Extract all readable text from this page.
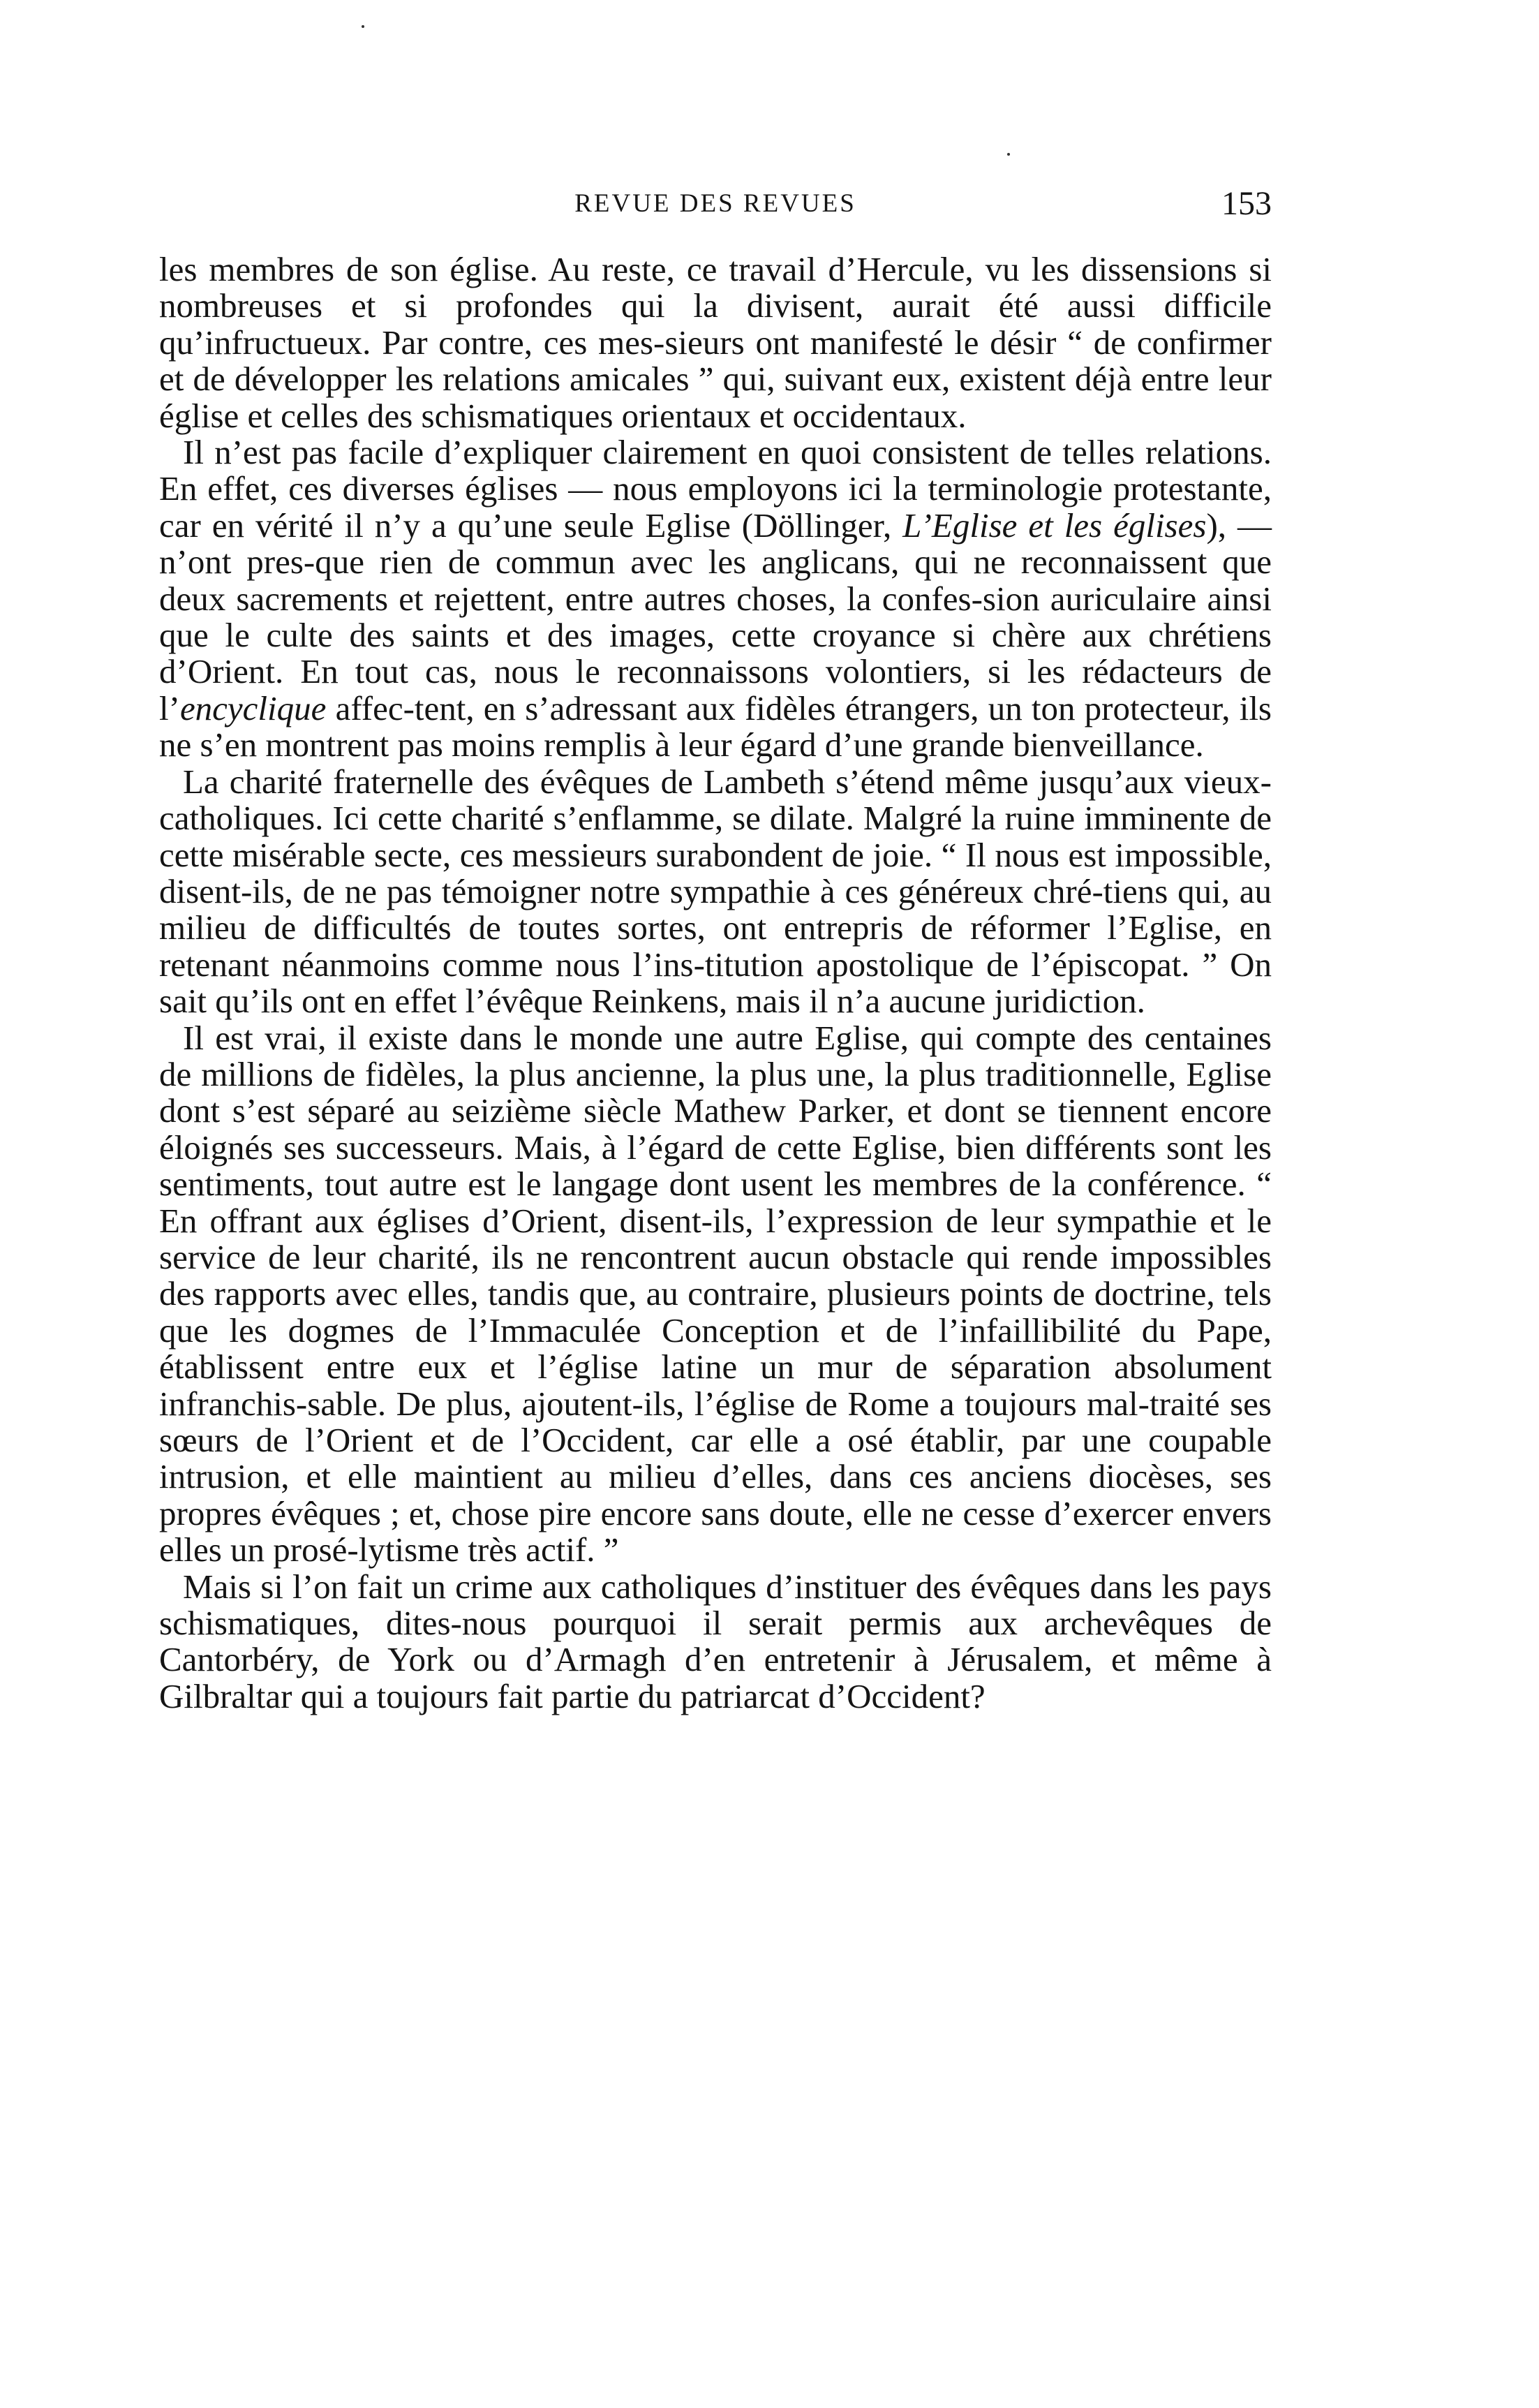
REVUE DES REVUES	153

les membres de son église. Au reste, ce travail d’Hercule, vu les dissensions si nombreuses et si profondes qui la divisent, aurait été aussi difficile qu’infructueux. Par contre, ces mes-sieurs ont manifesté le désir “ de confirmer et de développer les relations amicales ” qui, suivant eux, existent déjà entre leur église et celles des schismatiques orientaux et occidentaux.

Il n’est pas facile d’expliquer clairement en quoi consistent de telles relations. En effet, ces diverses églises — nous employons ici la terminologie protestante, car en vérité il n’y a qu’une seule Eglise (Döllinger, L’Eglise et les églises), — n’ont pres-que rien de commun avec les anglicans, qui ne reconnaissent que deux sacrements et rejettent, entre autres choses, la confes-sion auriculaire ainsi que le culte des saints et des images, cette croyance si chère aux chrétiens d’Orient. En tout cas, nous le reconnaissons volontiers, si les rédacteurs de l’encyclique affec-tent, en s’adressant aux fidèles étrangers, un ton protecteur, ils ne s’en montrent pas moins remplis à leur égard d’une grande bienveillance.

La charité fraternelle des évêques de Lambeth s’étend même jusqu’aux vieux-catholiques. Ici cette charité s’enflamme, se dilate. Malgré la ruine imminente de cette misérable secte, ces messieurs surabondent de joie. “ Il nous est impossible, disent-ils, de ne pas témoigner notre sympathie à ces généreux chré-tiens qui, au milieu de difficultés de toutes sortes, ont entrepris de réformer l’Eglise, en retenant néanmoins comme nous l’ins-titution apostolique de l’épiscopat. ” On sait qu’ils ont en effet l’évêque Reinkens, mais il n’a aucune juridiction.

Il est vrai, il existe dans le monde une autre Eglise, qui compte des centaines de millions de fidèles, la plus ancienne, la plus une, la plus traditionnelle, Eglise dont s’est séparé au seizième siècle Mathew Parker, et dont se tiennent encore éloignés ses successeurs. Mais, à l’égard de cette Eglise, bien différents sont les sentiments, tout autre est le langage dont usent les membres de la conférence. “ En offrant aux églises d’Orient, disent-ils, l’expression de leur sympathie et le service de leur charité, ils ne rencontrent aucun obstacle qui rende impossibles des rapports avec elles, tandis que, au contraire, plusieurs points de doctrine, tels que les dogmes de l’Immaculée Conception et de l’infaillibilité du Pape, établissent entre eux et l’église latine un mur de séparation absolument infranchis-sable. De plus, ajoutent-ils, l’église de Rome a toujours mal-traité ses sœurs de l’Orient et de l’Occident, car elle a osé établir, par une coupable intrusion, et elle maintient au milieu d’elles, dans ces anciens diocèses, ses propres évêques ; et, chose pire encore sans doute, elle ne cesse d’exercer envers elles un prosé-lytisme très actif. ”

Mais si l’on fait un crime aux catholiques d’instituer des évêques dans les pays schismatiques, dites-nous pourquoi il serait permis aux archevêques de Cantorbéry, de York ou d’Armagh d’en entretenir à Jérusalem, et même à Gilbraltar qui a toujours fait partie du patriarcat d’Occident?
